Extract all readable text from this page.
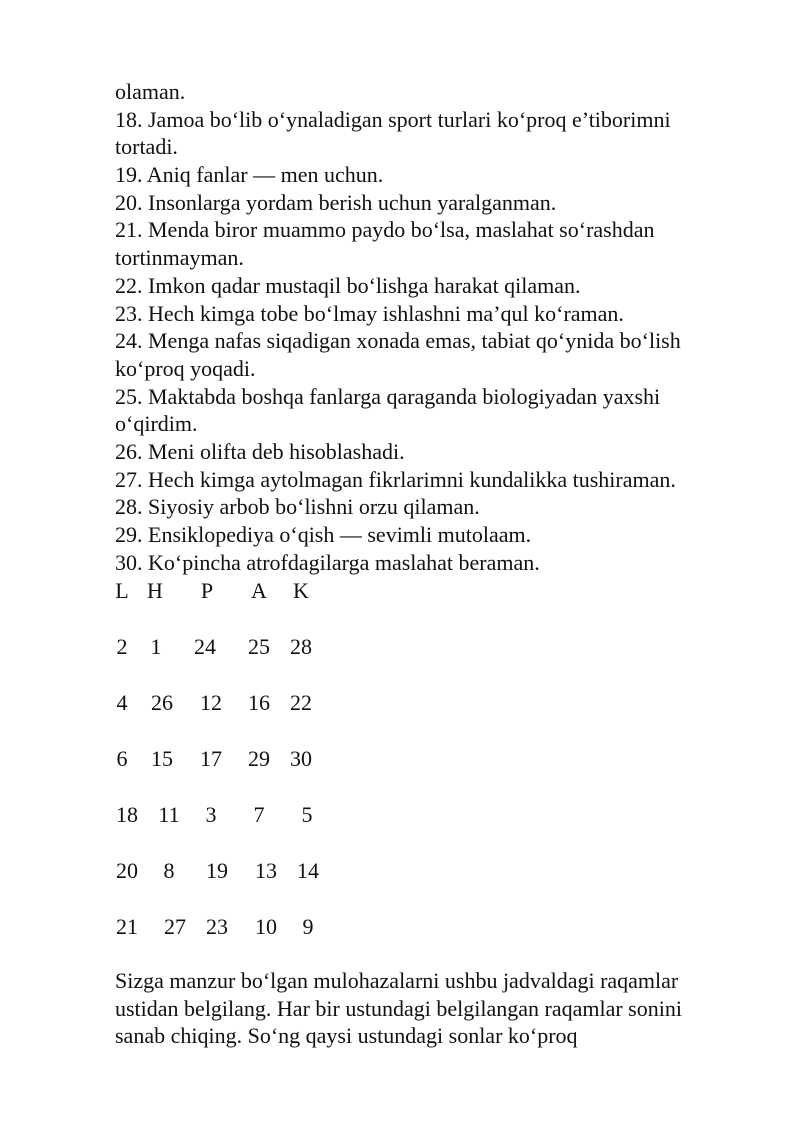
olaman.
18. Jamoa bo‘lib o‘ynaladigan sport turlari ko‘proq e’tiborimni
tortadi.
19. Aniq fanlar — men uchun.
20. Insonlarga yordam berish uchun yaralganman.
21. Menda biror muammo paydo bo‘lsa, maslahat so‘rashdan
tortinmayman.
22. Imkon qadar mustaqil bo‘lishga harakat qilaman.
23. Hech kimga tobe bo‘lmay ishlashni ma’qul ko‘raman.
24. Menga nafas siqadigan xonada emas, tabiat qo‘ynida bo‘lish
ko‘proq yoqadi.
25. Maktabda boshqa fanlarga qaraganda biologiyadan yaxshi
o‘qirdim.
26. Meni olifta deb hisoblashadi.
27. Hech kimga aytolmagan fikrlarimni kundalikka tushiraman.
28. Siyosiy arbob bo‘lishni orzu qilaman.
29. Ensiklopediya o‘qish — sevimli mutolaam.
30. Ko‘pincha atrofdagilarga maslahat beraman.
L H	P	A	K
2	1	24 25 28
4	26 12 16 22
6	15 17 29 30
18 11	3	7	5
20	8	19 13 14
21 27 23 10	9
Sizga manzur bo‘lgan mulohazalarni ushbu jadvaldagi raqamlar
ustidan belgilang. Har bir ustundagi belgilangan raqamlar sonini
sanab chiqing. So‘ng qaysi ustundagi sonlar ko‘proq
